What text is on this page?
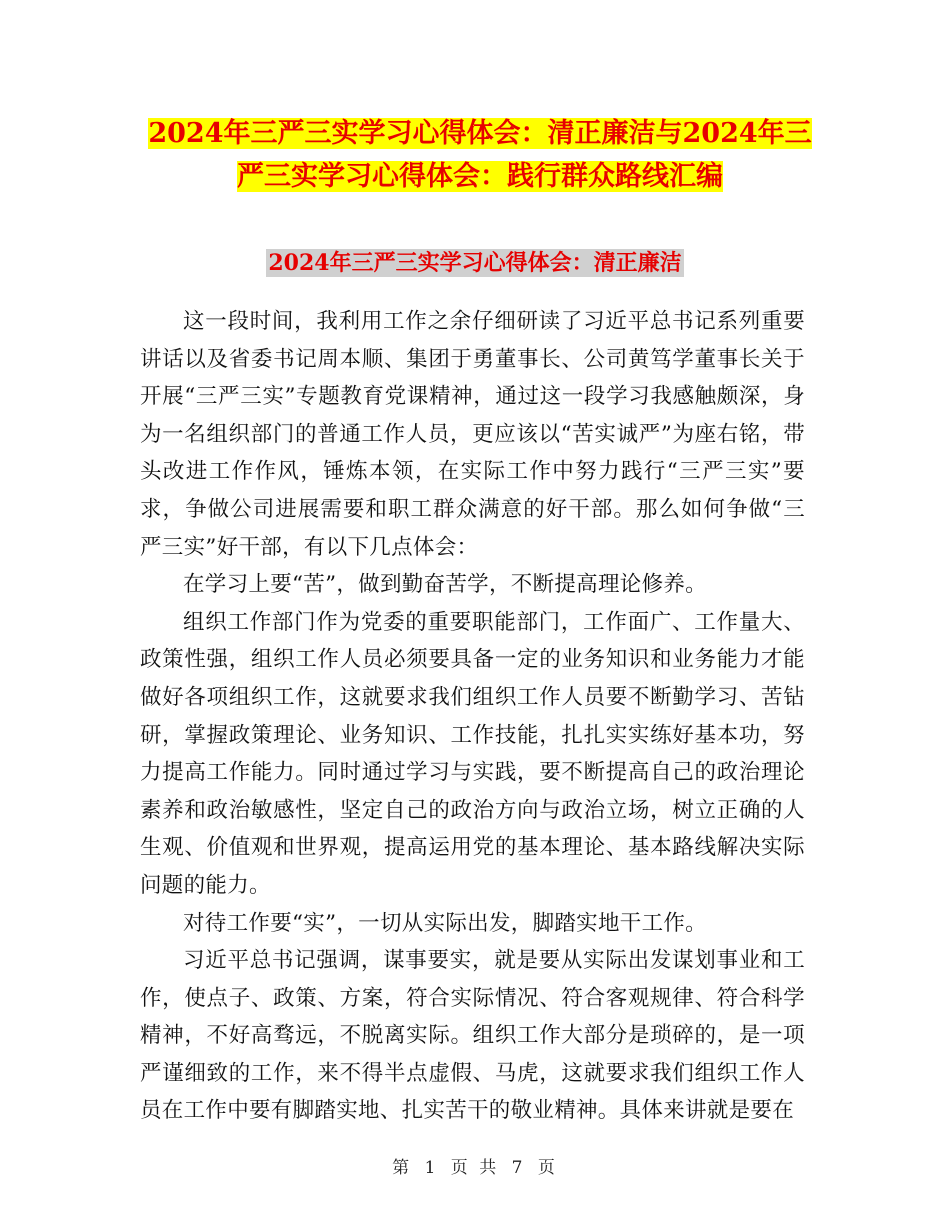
2024年三严三实学习心得体会：清正廉洁与2024年三
严三实学习心得体会：践行群众路线汇编
2024年三严三实学习心得体会：清正廉洁

这一段时间，我利用工作之余仔细研读了习近平总书记系列重要讲话以及省委书记周本顺、集团于勇董事长、公司黄笃学董事长关于开展“三严三实”专题教育党课精神，通过这一段学习我感触颇深，身为一名组织部门的普通工作人员，更应该以“苦实诚严”为座右铭，带头改进工作作风，锤炼本领，在实际工作中努力践行“三严三实”要求，争做公司进展需要和职工群众满意的好干部。那么如何争做“三严三实”好干部，有以下几点体会：

在学习上要“苦”，做到勤奋苦学，不断提高理论修养。

组织工作部门作为党委的重要职能部门，工作面广、工作量大、政策性强，组织工作人员必须要具备一定的业务知识和业务能力才能做好各项组织工作，这就要求我们组织工作人员要不断勤学习、苦钻研，掌握政策理论、业务知识、工作技能，扎扎实实练好基本功，努力提高工作能力。同时通过学习与实践，要不断提高自己的政治理论素养和政治敏感性，坚定自己的政治方向与政治立场，树立正确的人生观、价值观和世界观，提高运用党的基本理论、基本路线解决实际问题的能力。

对待工作要“实”，一切从实际出发，脚踏实地干工作。

习近平总书记强调，谋事要实，就是要从实际出发谋划事业和工作，使点子、政策、方案，符合实际情况、符合客观规律、符合科学精神，不好高骛远，不脱离实际。组织工作大部分是琐碎的，是一项严谨细致的工作，来不得半点虚假、马虎，这就要求我们组织工作人员在工作中要有脚踏实地、扎实苦干的敬业精神。具体来讲就是要在

第 1 页 共 7 页
